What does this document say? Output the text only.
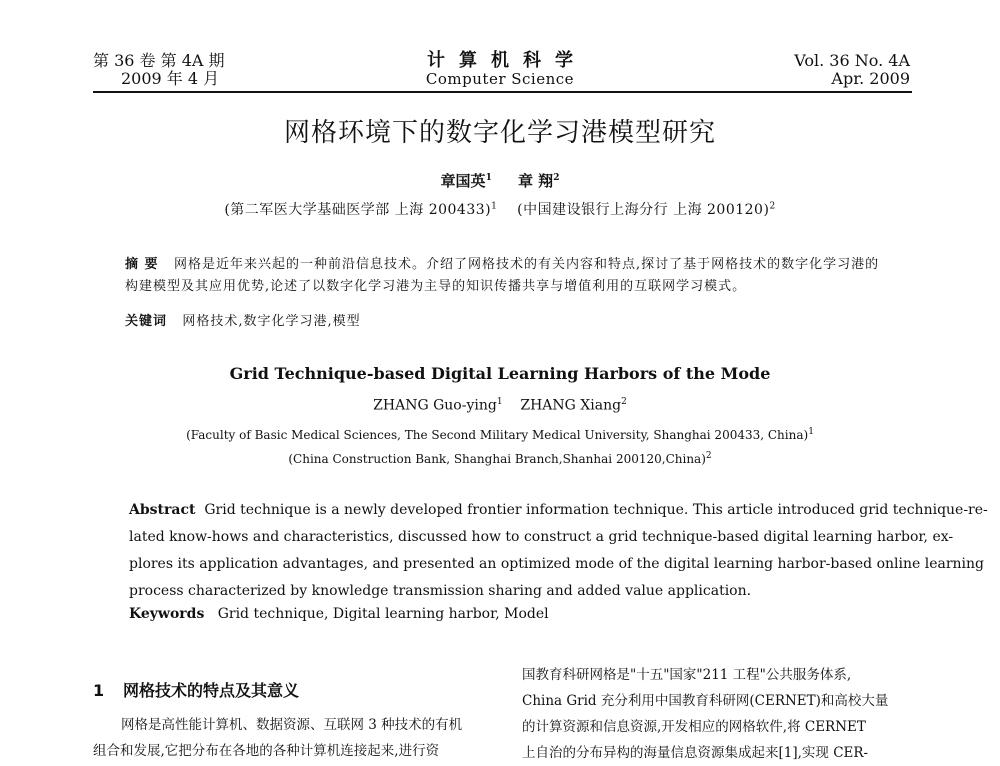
第 36 卷 第 4A 期
2009 年 4 月
计算机科学
Computer Science
Vol. 36 No. 4A
Apr. 2009
网格环境下的数字化学习港模型研究
章国英$^1$ 章 翔$^2$
(第二军医大学基础医学部 上海 200433)$^1$ (中国建设银行上海分行 上海 200120)$^2$
摘 要 网格是近年来兴起的一种前沿信息技术。介绍了网格技术的有关内容和特点,探讨了基于网格技术的数字化学习港的构建模型及其应用优势,论述了以数字化学习港为主导的知识传播共享与增值利用的互联网学习模式。
关键词 网格技术,数字化学习港,模型
Grid Technique-based Digital Learning Harbors of the Mode
ZHANG Guo-ying$^1$ ZHANG Xiang$^2$
(Faculty of Basic Medical Sciences, The Second Military Medical University, Shanghai 200433, China)$^1$
(China Construction Bank, Shanghai Branch,Shanhai 200120,China)$^2$
Abstract Grid technique is a newly developed frontier information technique. This article introduced grid technique-re-
lated know-hows and characteristics, discussed how to construct a grid technique-based digital learning harbor, ex-
plores its application advantages, and presented an optimized mode of the digital learning harbor-based online learning
process characterized by knowledge transmission sharing and added value application.
Keywords Grid technique, Digital learning harbor, Model
1 网格技术的特点及其意义
网格是高性能计算机、数据资源、互联网 3 种技术的有机
组合和发展,它把分布在各地的各种计算机连接起来,进行资
国教育科研网格是"十五"国家"211 工程"公共服务体系,
China Grid 充分利用中国教育科研网(CERNET)和高校大量
的计算资源和信息资源,开发相应的网格软件,将 CERNET
上自治的分布异构的海量信息资源集成起来[1],实现 CER-
